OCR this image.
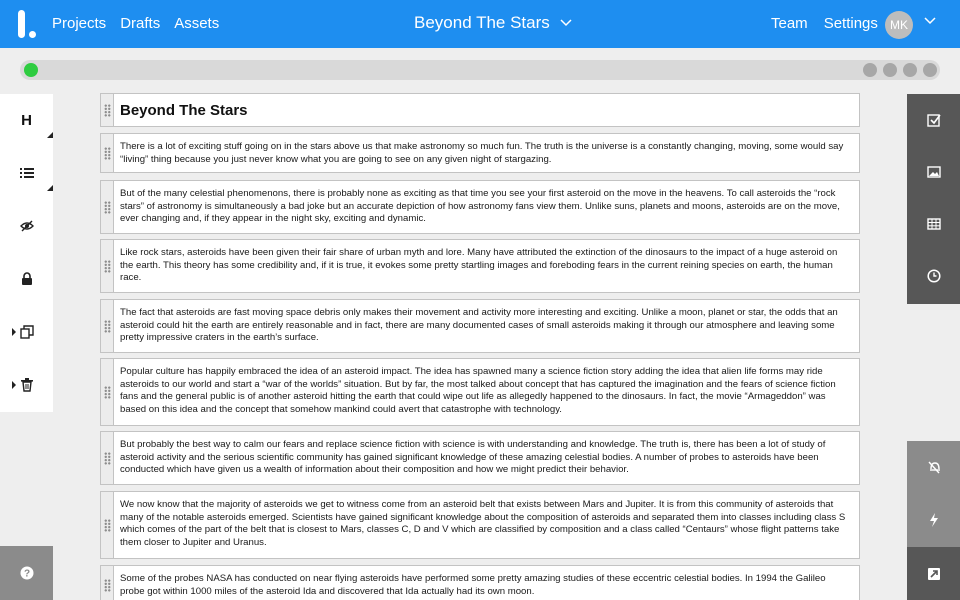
Projects Drafts Assets	Beyond The Stars	Team Settings	MK
H
?
Beyond The Stars
There is a lot of exciting stuff going on in the stars above us that make astronomy so much fun. The truth is the universe is a constantly changing, moving, some would say “living” thing because you just never know what you are going to see on any given night of stargazing.
But of the many celestial phenomenons, there is probably none as exciting as that time you see your first asteroid on the move in the heavens. To call asteroids the “rock stars” of astronomy is simultaneously a bad joke but an accurate depiction of how astronomy fans view them. Unlike suns, planets and moons, asteroids are on the move, ever changing and, if they appear in the night sky, exciting and dynamic.
Like rock stars, asteroids have been given their fair share of urban myth and lore. Many have attributed the extinction of the dinosaurs to the impact of a huge asteroid on the earth. This theory has some credibility and, if it is true, it evokes some pretty startling images and foreboding fears in the current reining species on earth, the human race.
The fact that asteroids are fast moving space debris only makes their movement and activity more interesting and exciting. Unlike a moon, planet or star, the odds that an asteroid could hit the earth are entirely reasonable and in fact, there are many documented cases of small asteroids making it through our atmosphere and leaving some pretty impressive craters in the earth’s surface.
Popular culture has happily embraced the idea of an asteroid impact. The idea has spawned many a science fiction story adding the idea that alien life forms may ride asteroids to our world and start a “war of the worlds” situation. But by far, the most talked about concept that has captured the imagination and the fears of science fiction fans and the general public is of another asteroid hitting the earth that could wipe out life as allegedly happened to the dinosaurs. In fact, the movie “Armageddon” was based on this idea and the concept that somehow mankind could avert that catastrophe with technology.
But probably the best way to calm our fears and replace science fiction with science is with understanding and knowledge. The truth is, there has been a lot of study of asteroid activity and the serious scientific community has gained significant knowledge of these amazing celestial bodies. A number of probes to asteroids have been conducted which have given us a wealth of information about their composition and how we might predict their behavior.
We now know that the majority of asteroids we get to witness come from an asteroid belt that exists between Mars and Jupiter. It is from this community of asteroids that many of the notable asteroids emerged. Scientists have gained significant knowledge about the composition of asteroids and separated them into classes including class S which comes of the part of the belt that is closest to Mars, classes C, D and V which are classified by composition and a class called “Centaurs” whose flight patterns take them closer to Jupiter and Uranus.
Some of the probes NASA has conducted on near flying asteroids have performed some pretty amazing studies of these eccentric celestial bodies. In 1994 the Galileo probe got within 1000 miles of the asteroid Ida and discovered that Ida actually had its own moon.
